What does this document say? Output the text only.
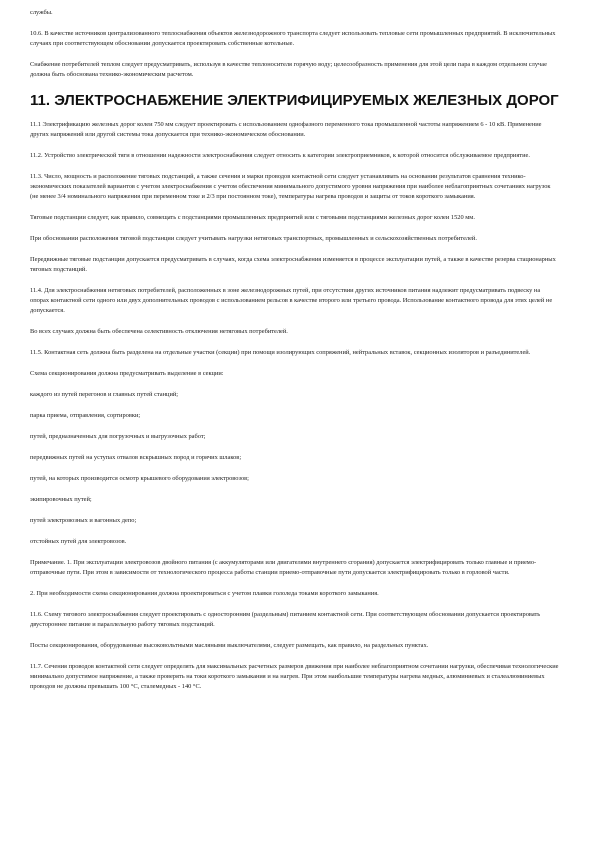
службы.

10.6. В качестве источников централизованного теплоснабжения объектов железнодорожного транспорта следует использовать тепловые сети промышленных предприятий. В исключительных случаях при соответствующем обосновании допускается проектировать собственные котельные.

Снабжение потребителей теплом следует предусматривать, используя в качестве теплоносителя горячую воду; целесообразность применения для этой цели пара в каждом отдельном случае должна быть обоснована технико-экономическим расчетом.

11. ЭЛЕКТРОСНАБЖЕНИЕ ЭЛЕКТРИФИЦИРУЕМЫХ ЖЕЛЕЗНЫХ ДОРОГ

11.1 Электрификацию железных дорог колеи 750 мм следует проектировать с использованием однофазного переменного тока промышленной частоты напряжением 6 - 10 кВ. Применение других напряжений или другой системы тока допускается при технико-экономическом обосновании.

11.2. Устройство электрической тяги в отношении надежности электроснабжения следует относить к категории электроприемников, к которой относится обслуживаемое предприятие.

11.3. Число, мощность и расположение тяговых подстанций, а также сечения и марки проводов контактной сети следует устанавливать на основании результатов сравнения технико-экономических показателей вариантов с учетом электроснабжения с учетом обеспечения минимального допустимого уровня напряжения при наиболее неблагоприятных сочетаниях нагрузок (не менее 3/4 номинального напряжения при переменном токе и 2/3 при постоянном токе), температуры нагрева проводов и защиты от токов короткого замыкания.

Тяговые подстанции следует, как правило, совмещать с подстанциями промышленных предприятий или с тяговыми подстанциями железных дорог колеи 1520 мм.

При обосновании расположения тяговой подстанции следует учитывать нагрузки нетяговых транспортных, промышленных и сельскохозяйственных потребителей.

Передвижные тяговые подстанции допускается предусматривать в случаях, когда схема электроснабжения изменяется в процессе эксплуатации путей, а также в качестве резерва стационарных тяговых подстанций.

11.4. Для электроснабжения нетяговых потребителей, расположенных в зоне железнодорожных путей, при отсутствии других источников питания надлежит предусматривать подвеску на опорах контактной сети одного или двух дополнительных проводов с использованием рельсов в качестве второго или третьего провода. Использование контактного провода для этих целей не допускается.

Во всех случаях должна быть обеспечена селективность отключения нетяговых потребителей.

11.5. Контактная сеть должна быть разделена на отдельные участки (секции) при помощи изолирующих сопряжений, нейтральных вставок, секционных изоляторов и разъединителей.

Схема секционирования должна предусматривать выделение в секции:

каждого из путей перегонов и главных путей станций;

парка приема, отправления, сортировки;

путей, предназначенных для погрузочных и выгрузочных работ;

передвижных путей на уступах отвалов вскрышных пород и горячих шлаков;

путей, на которых производится осмотр крышевого оборудования электровозов;

экипировочных путей;

путей электровозных и вагонных депо;

отстойных путей для электровозов.

Примечание. 1. При эксплуатации электровозов двойного питания (с аккумуляторами или двигателями внутреннего сгорания) допускается электрифицировать только главные и приемо-отправочные пути. При этом в зависимости от технологического процесса работы станции приемо-отправочные пути допускается электрифицировать только в горловой части.

2. При необходимости схема секционирования должна проектироваться с учетом плавки гололеда токами короткого замыкания.

11.6. Схему тягового электроснабжения следует проектировать с односторонним (раздельным) питанием контактной сети. При соответствующем обосновании допускается проектировать двустороннее питание и параллельную работу тяговых подстанций.

Посты секционирования, оборудованные высоковольтными масляными выключателями, следует размещать, как правило, на раздельных пунктах.

11.7. Сечения проводов контактной сети следует определять для максимальных расчетных размеров движения при наиболее неблагоприятном сочетании нагрузки, обеспечивая технологические минимально допустимое напряжение, а также проверять на токи короткого замыкания и на нагрев. При этом наибольшие температуры нагрева медных, алюминиевых и сталеалюминиевых проводов не должны превышать 100 °С, сталемедных - 140 °С.
